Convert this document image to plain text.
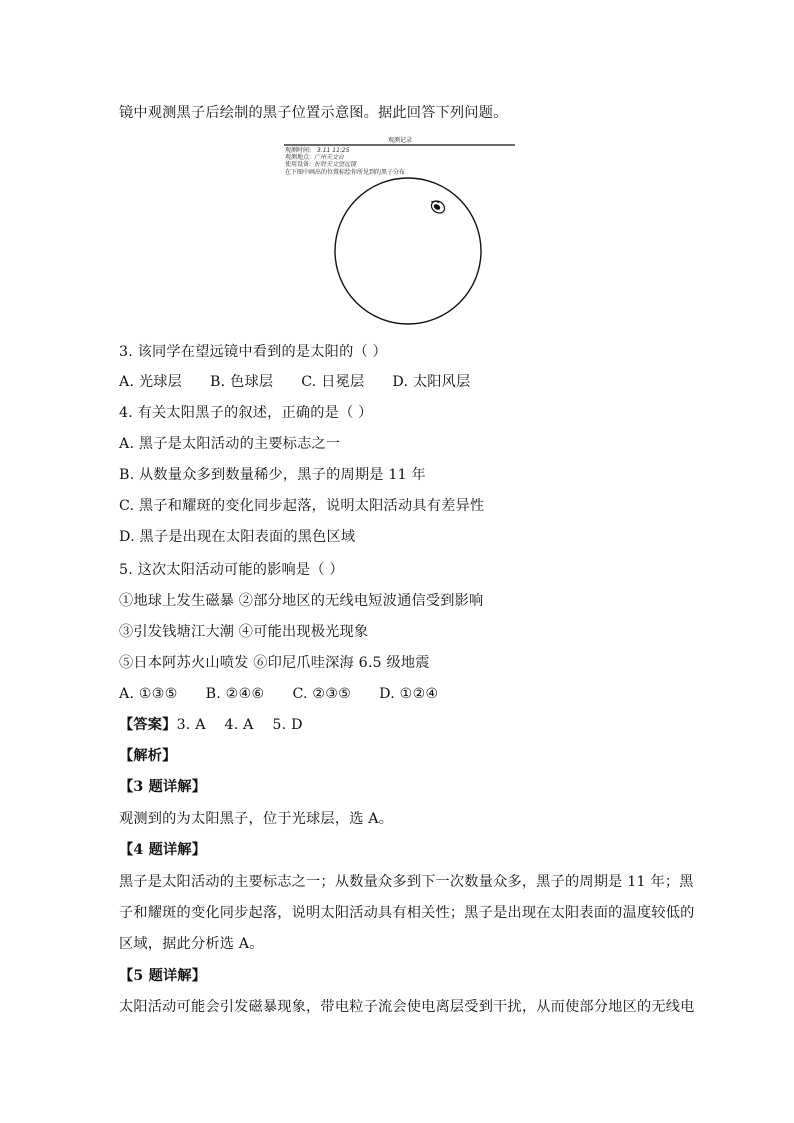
镜中观测黑子后绘制的黑子位置示意图。据此回答下列问题。
观测记录
观测时间: 3.11 11:25
观测地点: 广州天文台
使用设备: 折射天文望远镜
在下图中画出的位置标绘你所见到的黑子分布
3. 该同学在望远镜中看到的是太阳的（ ）
A. 光球层 B. 色球层 C. 日冕层 D. 太阳风层
4. 有关太阳黑子的叙述，正确的是（ ）
A. 黑子是太阳活动的主要标志之一
B. 从数量众多到数量稀少，黑子的周期是 11 年
C. 黑子和耀斑的变化同步起落，说明太阳活动具有差异性
D. 黑子是出现在太阳表面的黑色区域
5. 这次太阳活动可能的影响是（ ）
①地球上发生磁暴 ②部分地区的无线电短波通信受到影响
③引发钱塘江大潮 ④可能出现极光现象
⑤日本阿苏火山喷发 ⑥印尼爪哇深海 6.5 级地震
A. ①③⑤ B. ②④⑥ C. ②③⑤ D. ①②④
【答案】3. A    4. A    5. D
【解析】
【3 题详解】
观测到的为太阳黑子，位于光球层，选 A。
【4 题详解】
黑子是太阳活动的主要标志之一；从数量众多到下一次数量众多，黑子的周期是 11 年；黑
子和耀斑的变化同步起落，说明太阳活动具有相关性；黑子是出现在太阳表面的温度较低的
区域，据此分析选 A。
【5 题详解】
太阳活动可能会引发磁暴现象，带电粒子流会使电离层受到干扰，从而使部分地区的无线电
